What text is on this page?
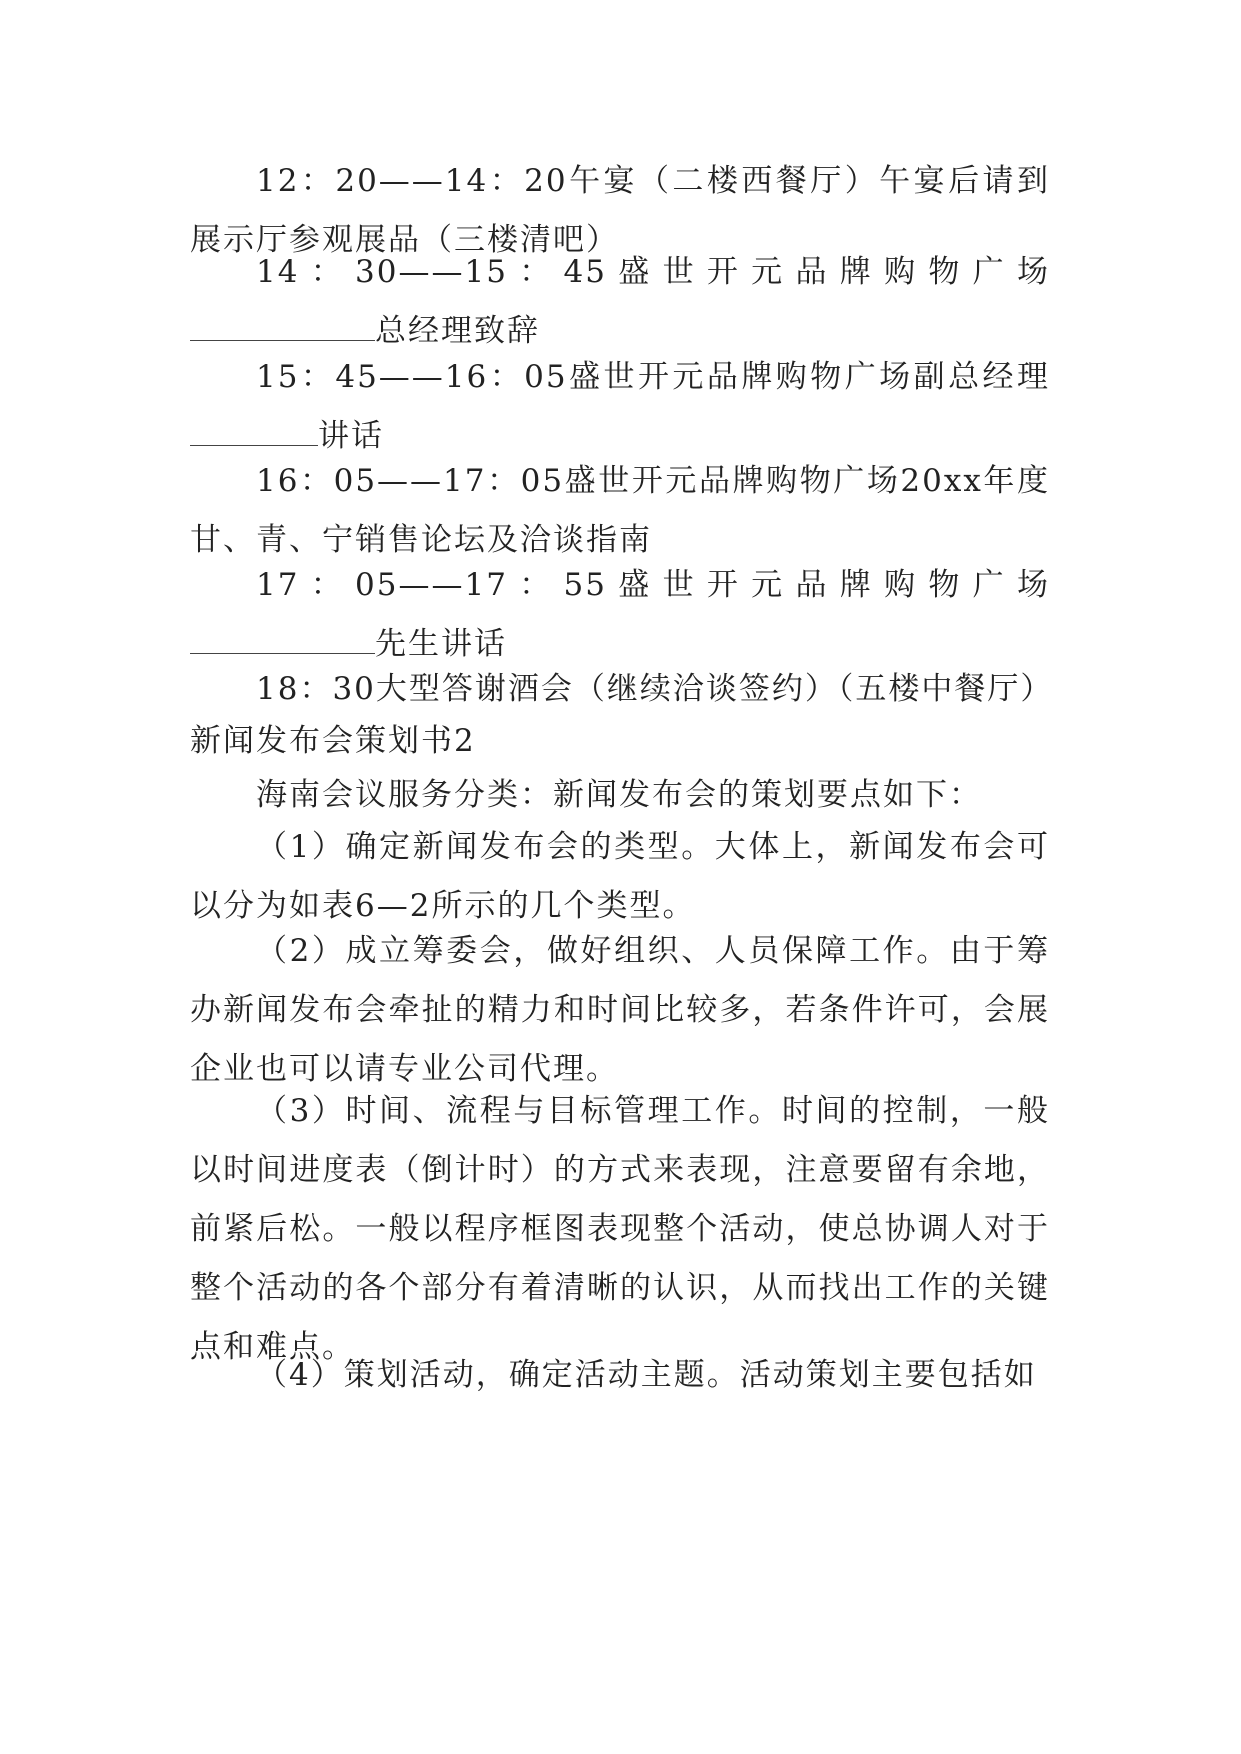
12：20——14：20午宴（二楼西餐厅）午宴后请到展示厅参观展品（三楼清吧）

14：30——15：45盛世开元品牌购物广场总经理致辞

15：45——16：05盛世开元品牌购物广场副总经理讲话

16：05——17：05盛世开元品牌购物广场20xx年度甘、青、宁销售论坛及洽谈指南

17：05——17：55盛世开元品牌购物广场先生讲话

18：30大型答谢酒会（继续洽谈签约）（五楼中餐厅）

新闻发布会策划书2

海南会议服务分类：新闻发布会的策划要点如下：

（1）确定新闻发布会的类型。大体上，新闻发布会可以分为如表6—2所示的几个类型。

（2）成立筹委会，做好组织、人员保障工作。由于筹办新闻发布会牵扯的精力和时间比较多，若条件许可，会展企业也可以请专业公司代理。

（3）时间、流程与目标管理工作。时间的控制，一般以时间进度表（倒计时）的方式来表现，注意要留有余地，前紧后松。一般以程序框图表现整个活动，使总协调人对于整个活动的各个部分有着清晰的认识，从而找出工作的关键点和难点。

（4）策划活动，确定活动主题。活动策划主要包括如
